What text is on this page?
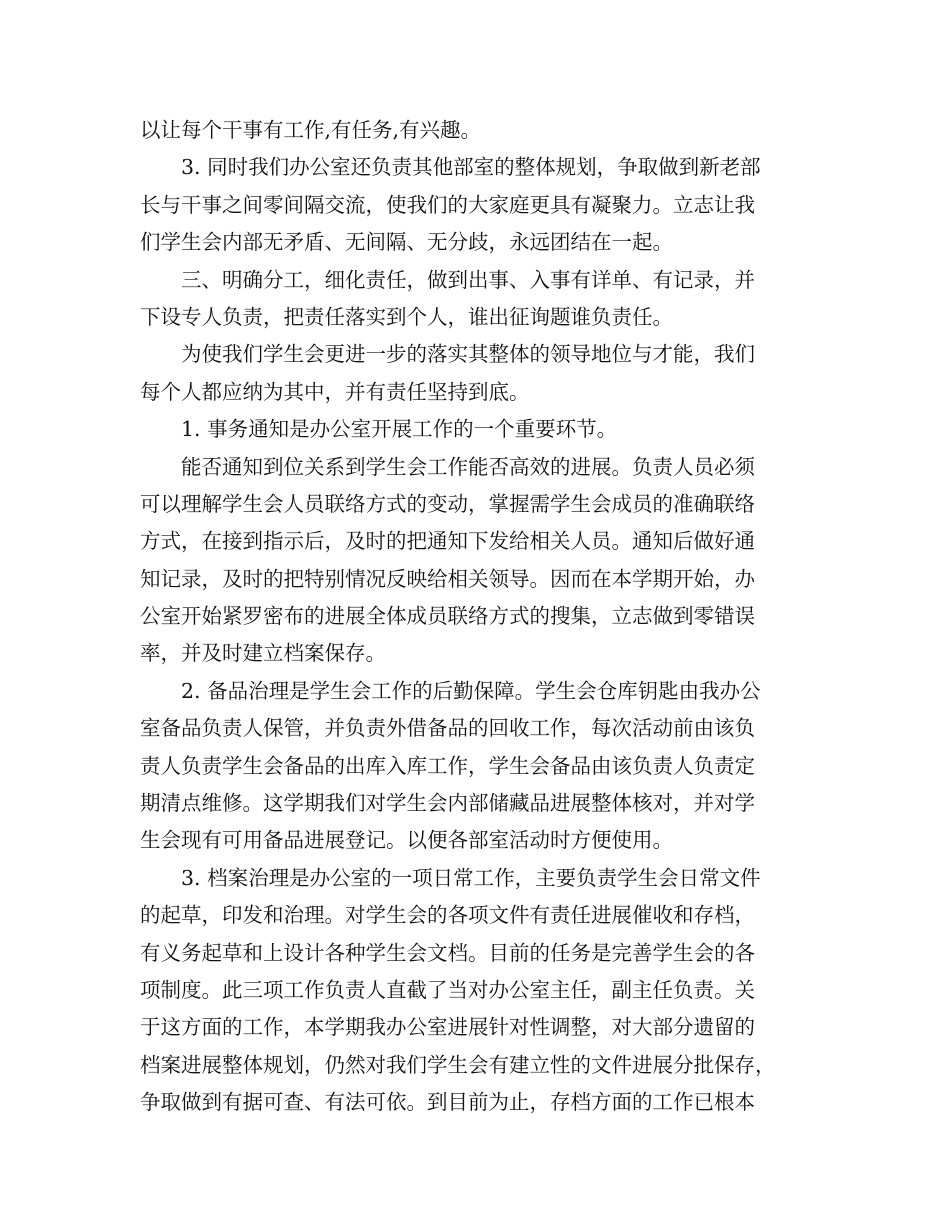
以让每个干事有工作,有任务,有兴趣。
3. 同时我们办公室还负责其他部室的整体规划，争取做到新老部
长与干事之间零间隔交流，使我们的大家庭更具有凝聚力。立志让我
们学生会内部无矛盾、无间隔、无分歧，永远团结在一起。
三、明确分工，细化责任，做到出事、入事有详单、有记录，并
下设专人负责，把责任落实到个人，谁出征询题谁负责任。
为使我们学生会更进一步的落实其整体的领导地位与才能，我们
每个人都应纳为其中，并有责任坚持到底。
1. 事务通知是办公室开展工作的一个重要环节。
能否通知到位关系到学生会工作能否高效的进展。负责人员必须
可以理解学生会人员联络方式的变动，掌握需学生会成员的准确联络
方式，在接到指示后，及时的把通知下发给相关人员。通知后做好通
知记录，及时的把特别情况反映给相关领导。因而在本学期开始，办
公室开始紧罗密布的进展全体成员联络方式的搜集，立志做到零错误
率，并及时建立档案保存。
2. 备品治理是学生会工作的后勤保障。学生会仓库钥匙由我办公
室备品负责人保管，并负责外借备品的回收工作，每次活动前由该负
责人负责学生会备品的出库入库工作，学生会备品由该负责人负责定
期清点维修。这学期我们对学生会内部储藏品进展整体核对，并对学
生会现有可用备品进展登记。以便各部室活动时方便使用。
3. 档案治理是办公室的一项日常工作，主要负责学生会日常文件
的起草，印发和治理。对学生会的各项文件有责任进展催收和存档，
有义务起草和上设计各种学生会文档。目前的任务是完善学生会的各
项制度。此三项工作负责人直截了当对办公室主任，副主任负责。关
于这方面的工作，本学期我办公室进展针对性调整，对大部分遗留的
档案进展整体规划，仍然对我们学生会有建立性的文件进展分批保存，
争取做到有据可查、有法可依。到目前为止，存档方面的工作已根本
